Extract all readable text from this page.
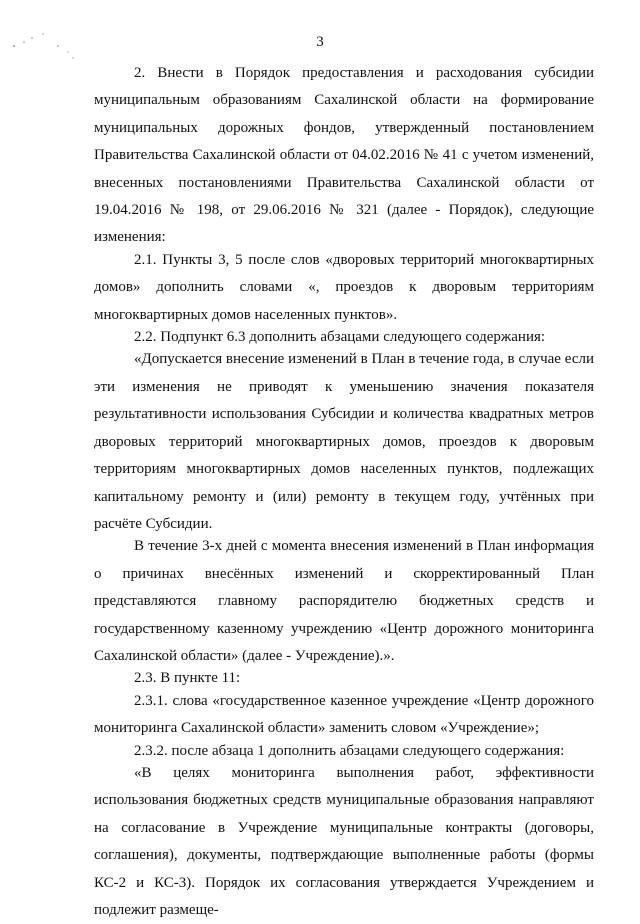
3

2. Внести в Порядок предоставления и расходования субсидии муниципальным образованиям Сахалинской области на формирование муниципальных дорожных фондов, утвержденный постановлением Правительства Сахалинской области от 04.02.2016 № 41 с учетом изменений, внесенных постановлениями Правительства Сахалинской области от 19.04.2016 № 198, от 29.06.2016 № 321 (далее - Порядок), следующие изменения:

2.1. Пункты 3, 5 после слов «дворовых территорий многоквартирных домов» дополнить словами «, проездов к дворовым территориям многоквартирных домов населенных пунктов».

2.2. Подпункт 6.3 дополнить абзацами следующего содержания:

«Допускается внесение изменений в План в течение года, в случае если эти изменения не приводят к уменьшению значения показателя результативности использования Субсидии и количества квадратных метров дворовых территорий многоквартирных домов, проездов к дворовым территориям многоквартирных домов населенных пунктов, подлежащих капитальному ремонту и (или) ремонту в текущем году, учтённых при расчёте Субсидии.

В течение 3-х дней с момента внесения изменений в План информация о причинах внесённых изменений и скорректированный План представляются главному распорядителю бюджетных средств и государственному казенному учреждению «Центр дорожного мониторинга Сахалинской области» (далее - Учреждение).».

2.3. В пункте 11:

2.3.1. слова «государственное казенное учреждение «Центр дорожного мониторинга Сахалинской области» заменить словом «Учреждение»;

2.3.2. после абзаца 1 дополнить абзацами следующего содержания:

«В целях мониторинга выполнения работ, эффективности использования бюджетных средств муниципальные образования направляют на согласование в Учреждение муниципальные контракты (договоры, соглашения), документы, подтверждающие выполненные работы (формы КС-2 и КС-3). Порядок их согласования утверждается Учреждением и подлежит размеще-
